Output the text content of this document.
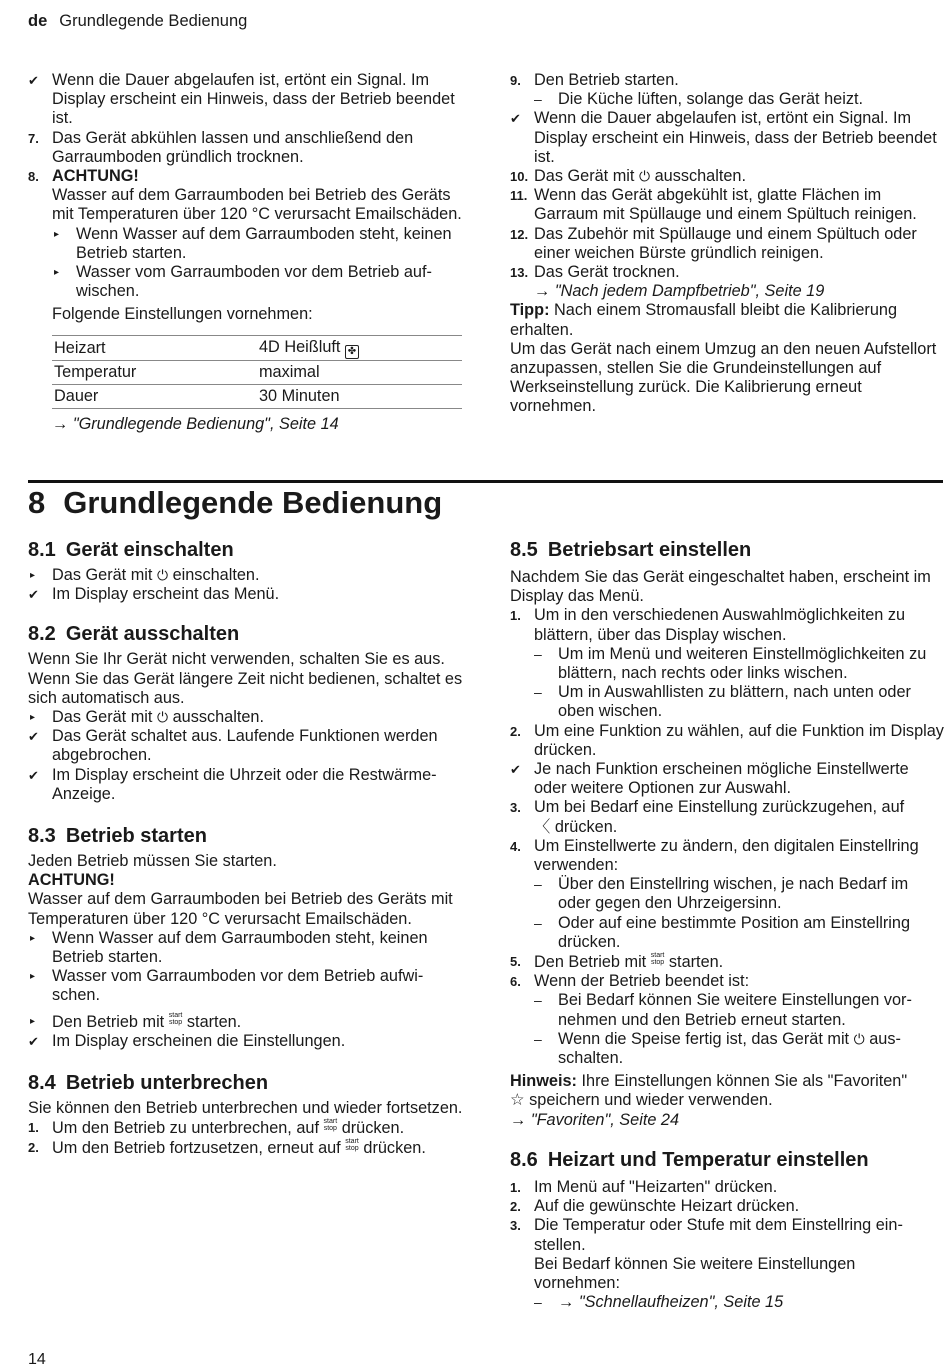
de Grundlegende Bedienung
✔ Wenn die Dauer abgelaufen ist, ertönt ein Signal. Im Display erscheint ein Hinweis, dass der Betrieb beendet ist.
7. Das Gerät abkühlen lassen und anschließend den Garraumboden gründlich trocknen.
8. ACHTUNG!
Wasser auf dem Garraumboden bei Betrieb des Geräts mit Temperaturen über 120 °C verursacht Emailschäden.
▸	Wenn Wasser auf dem Garraumboden steht, keinen Betrieb starten.
▸	Wasser vom Garraumboden vor dem Betrieb aufwischen.
Folgende Einstellungen vornehmen:
Heizart	4D Heißluft ✤
Temperatur	maximal
Dauer	30 Minuten
→ "Grundlegende Bedienung", Seite 14
9. Den Betrieb starten.
– Die Küche lüften, solange das Gerät heizt.
✔ Wenn die Dauer abgelaufen ist, ertönt ein Signal. Im Display erscheint ein Hinweis, dass der Betrieb beendet ist.
10. Das Gerät mit ⏻ ausschalten.
11. Wenn das Gerät abgekühlt ist, glatte Flächen im Garraum mit Spüllauge und einem Spültuch reinigen.
12. Das Zubehör mit Spüllauge und einem Spültuch oder einer weichen Bürste gründlich reinigen.
13. Das Gerät trocknen.
→ "Nach jedem Dampfbetrieb", Seite 19
Tipp: Nach einem Stromausfall bleibt die Kalibrierung erhalten.
Um das Gerät nach einem Umzug an den neuen Aufstellort anzupassen, stellen Sie die Grundeinstellungen auf Werkseinstellung zurück. Die Kalibrierung erneut vornehmen.
8 Grundlegende Bedienung
8.1 Gerät einschalten
▸	Das Gerät mit ⏻ einschalten.
✔ Im Display erscheint das Menü.
8.2 Gerät ausschalten
Wenn Sie Ihr Gerät nicht verwenden, schalten Sie es aus. Wenn Sie das Gerät längere Zeit nicht bedienen, schaltet es sich automatisch aus.
▸	Das Gerät mit ⏻ ausschalten.
✔ Das Gerät schaltet aus. Laufende Funktionen werden abgebrochen.
✔ Im Display erscheint die Uhrzeit oder die Restwärme-Anzeige.
8.3 Betrieb starten
Jeden Betrieb müssen Sie starten.
ACHTUNG!
Wasser auf dem Garraumboden bei Betrieb des Geräts mit Temperaturen über 120 °C verursacht Emailschäden.
▸	Wenn Wasser auf dem Garraumboden steht, keinen Betrieb starten.
▸	Wasser vom Garraumboden vor dem Betrieb aufwischen.
▸	Den Betrieb mit start
stop starten.
✔ Im Display erscheinen die Einstellungen.
8.4 Betrieb unterbrechen
Sie können den Betrieb unterbrechen und wieder fortsetzen.
1. Um den Betrieb zu unterbrechen, auf start
stop drücken.
2. Um den Betrieb fortzusetzen, erneut auf start
stop drücken.
8.5 Betriebsart einstellen
Nachdem Sie das Gerät eingeschaltet haben, erscheint im Display das Menü.
1. Um in den verschiedenen Auswahlmöglichkeiten zu blättern, über das Display wischen.
– Um im Menü und weiteren Einstellmöglichkeiten zu blättern, nach rechts oder links wischen.
– Um in Auswahllisten zu blättern, nach unten oder oben wischen.
2. Um eine Funktion zu wählen, auf die Funktion im Display drücken.
✔ Je nach Funktion erscheinen mögliche Einstellwerte oder weitere Optionen zur Auswahl.
3. Um bei Bedarf eine Einstellung zurückzugehen, auf
〈 drücken.
4. Um Einstellwerte zu ändern, den digitalen Einstellring verwenden:
– Über den Einstellring wischen, je nach Bedarf im oder gegen den Uhrzeigersinn.
– Oder auf eine bestimmte Position am Einstellring drücken.
5. Den Betrieb mit start
stop starten.
6. Wenn der Betrieb beendet ist:
– Bei Bedarf können Sie weitere Einstellungen vornehmen und den Betrieb erneut starten.
– Wenn die Speise fertig ist, das Gerät mit ⏻ ausschalten.
Hinweis: Ihre Einstellungen können Sie als "Favoriten"
☆ speichern und wieder verwenden.
→ "Favoriten", Seite 24
8.6 Heizart und Temperatur einstellen
1. Im Menü auf "Heizarten" drücken.
2. Auf die gewünschte Heizart drücken.
3. Die Temperatur oder Stufe mit dem Einstellring einstellen.
Bei Bedarf können Sie weitere Einstellungen vornehmen:
– → "Schnellaufheizen", Seite 15
14
